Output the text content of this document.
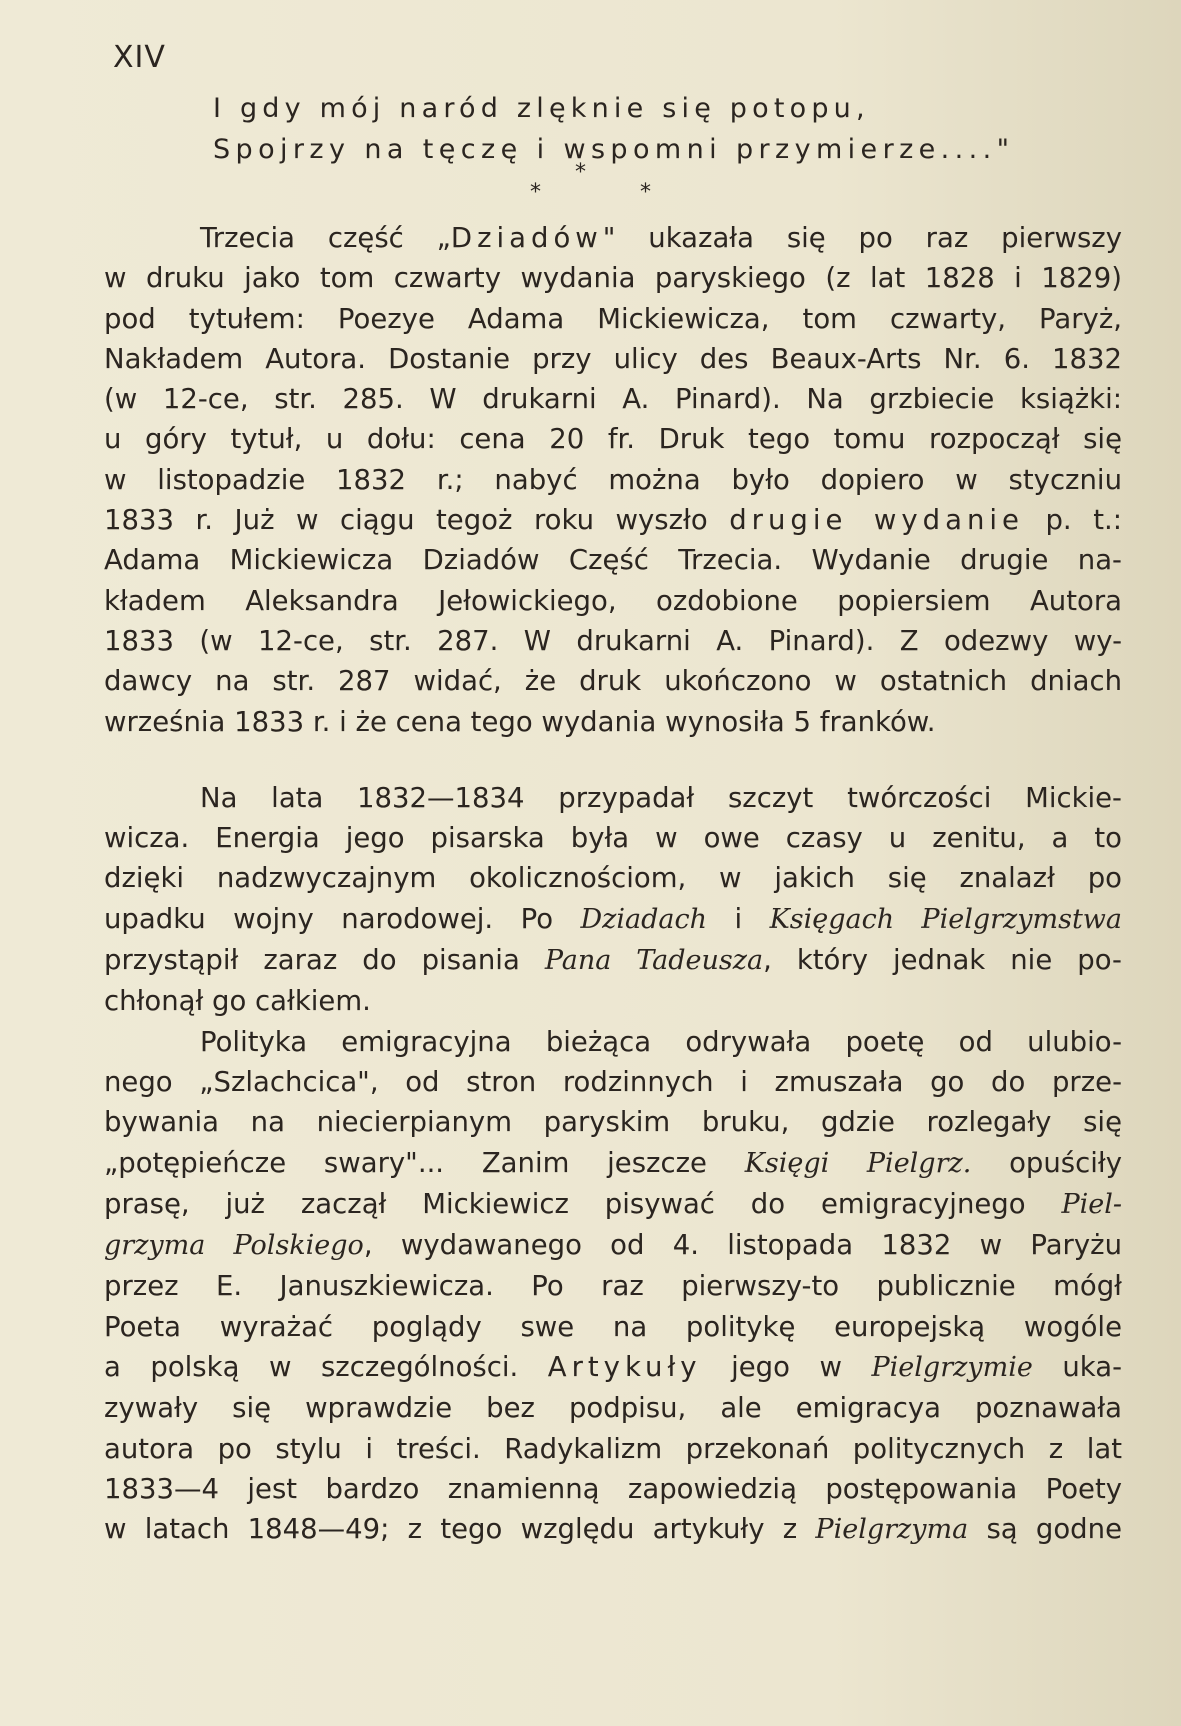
XIV
I gdy mój naród zlęknie się potopu,
Spojrzy na tęczę i wspomni przymierze...."
*
*	*
Trzecia część „Dziadów" ukazała się po raz pierwszy
w druku jako tom czwarty wydania paryskiego (z lat 1828 i 1829)
pod tytułem: Poezye Adama Mickiewicza, tom czwarty, Paryż,
Nakładem Autora. Dostanie przy ulicy des Beaux-Arts Nr. 6. 1832
(w 12-ce, str. 285. W drukarni A. Pinard). Na grzbiecie książki:
u góry tytuł, u dołu: cena 20 fr. Druk tego tomu rozpoczął się
w listopadzie 1832 r.; nabyć można było dopiero w styczniu
1833 r. Już w ciągu tegoż roku wyszło drugie wydanie p. t.:
Adama Mickiewicza Dziadów Część Trzecia. Wydanie drugie na-
kładem Aleksandra Jełowickiego, ozdobione popiersiem Autora
1833 (w 12-ce, str. 287. W drukarni A. Pinard). Z odezwy wy-
dawcy na str. 287 widać, że druk ukończono w ostatnich dniach
września 1833 r. i że cena tego wydania wynosiła 5 franków.
Na lata 1832—1834 przypadał szczyt twórczości Mickie-
wicza. Energia jego pisarska była w owe czasy u zenitu, a to
dzięki nadzwyczajnym okolicznościom, w jakich się znalazł po
upadku wojny narodowej. Po Dziadach i Księgach Pielgrzymstwa
przystąpił zaraz do pisania Pana Tadeusza, który jednak nie po-
chłonął go całkiem.
Polityka emigracyjna bieżąca odrywała poetę od ulubio-
nego „Szlachcica", od stron rodzinnych i zmuszała go do prze-
bywania na niecierpianym paryskim bruku, gdzie rozlegały się
„potępieńcze swary"... Zanim jeszcze Księgi Pielgrz. opuściły
prasę, już zaczął Mickiewicz pisywać do emigracyjnego Piel-
grzyma Polskiego, wydawanego od 4. listopada 1832 w Paryżu
przez E. Januszkiewicza. Po raz pierwszy-to publicznie mógł
Poeta wyrażać poglądy swe na politykę europejską wogóle
a polską w szczególności. Artykuły jego w Pielgrzymie uka-
zywały się wprawdzie bez podpisu, ale emigracya poznawała
autora po stylu i treści. Radykalizm przekonań politycznych z lat
1833—4 jest bardzo znamienną zapowiedzią postępowania Poety
w latach 1848—49; z tego względu artykuły z Pielgrzyma są godne
